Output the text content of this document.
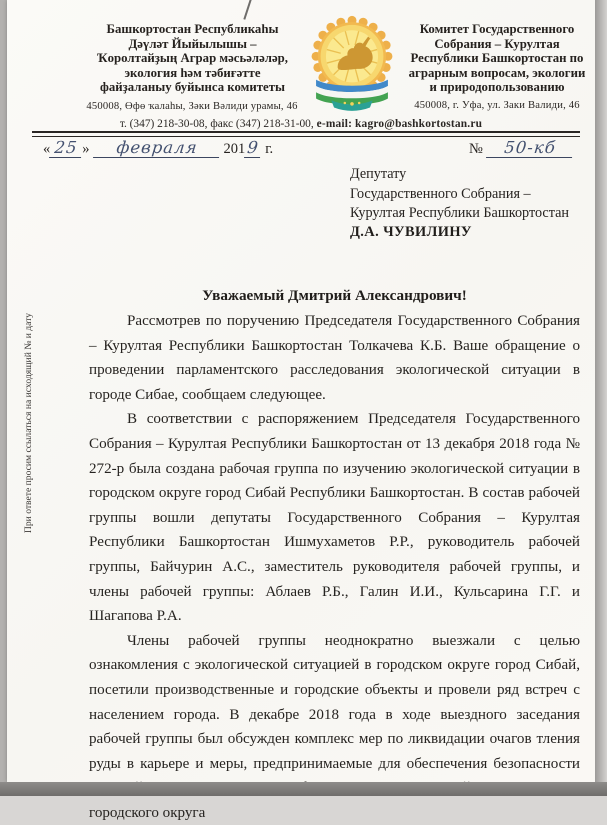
Башкортостан Республикаһы
Дәүләт Йыйылышы –
Ҡоролтайҙың Аграр мәсьәләләр,
экология һәм тәбиғәтте
файҙаланыу буйынса комитеты
Комитет Государственного
Собрания – Курултая
Республики Башкортостан по
аграрным вопросам, экологии
и природопользованию
450008, Өфө ҡалаһы, Зәки Вәлиди урамы, 46	450008, г. Уфа, ул. Заки Валиди, 46
т. (347) 218-30-08, факс (347) 218-31-00, e-mail: kagro@bashkortostan.ru
« 25 » февраля 2019 г.	№ 50-кб
Депутату
Государственного Собрания –
Курултая Республики Башкортостан
Д.А. ЧУВИЛИНУ
При ответе просим ссылаться на исходящий № и дату
Уважаемый Дмитрий Александрович!

Рассмотрев по поручению Председателя Государственного Собрания – Курултая Республики Башкортостан Толкачева К.Б. Ваше обращение о проведении парламентского расследования экологической ситуации в городе Сибае, сообщаем следующее.

В соответствии с распоряжением Председателя Государственного Собрания – Курултая Республики Башкортостан от 13 декабря 2018 года № 272-р была создана рабочая группа по изучению экологической ситуации в городском округе город Сибай Республики Башкортостан. В состав рабочей группы вошли депутаты Государственного Собрания – Курултая Республики Башкортостан Ишмухаметов Р.Р., руководитель рабочей группы, Байчурин А.С., заместитель руководителя рабочей группы, и члены рабочей группы: Аблаев Р.Б., Галин И.И., Кульсарина Г.Г. и Шагапова Р.А.

Члены рабочей группы неоднократно выезжали с целью ознакомления с экологической ситуацией в городском округе город Сибай, посетили производственные и городские объекты и провели ряд встреч с населением города. В декабре 2018 года в ходе выездного заседания рабочей группы был обсужден комплекс мер по ликвидации очагов тления руды в карьере и меры, предпринимаемые для обеспечения безопасности городского округа
